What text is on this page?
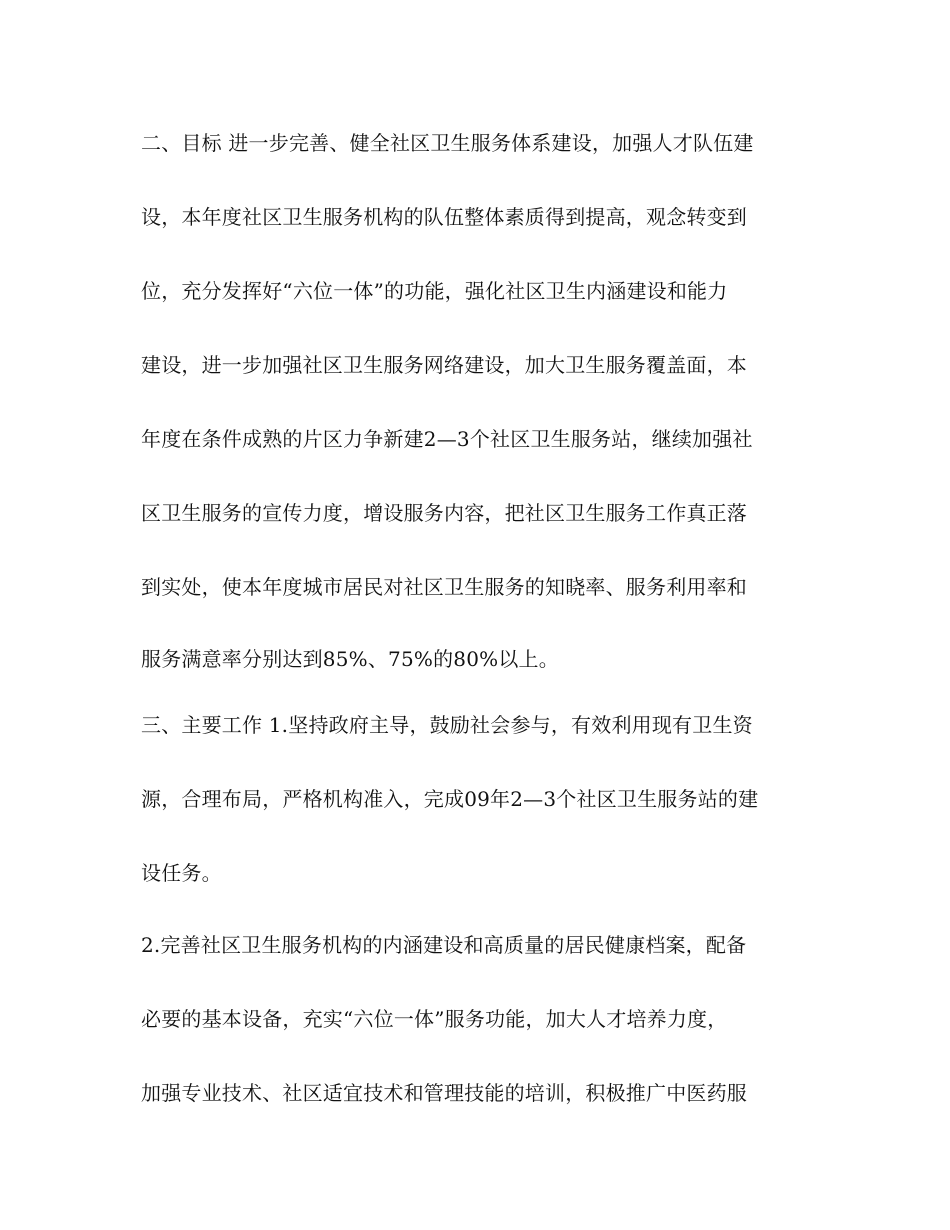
二、目标 进一步完善、健全社区卫生服务体系建设，加强人才队伍建
设，本年度社区卫生服务机构的队伍整体素质得到提高，观念转变到
位，充分发挥好“六位一体”的功能，强化社区卫生内涵建设和能力
建设，进一步加强社区卫生服务网络建设，加大卫生服务覆盖面，本
年度在条件成熟的片区力争新建2—3个社区卫生服务站，继续加强社
区卫生服务的宣传力度，增设服务内容，把社区卫生服务工作真正落
到实处，使本年度城市居民对社区卫生服务的知晓率、服务利用率和
服务满意率分别达到85%、75%的80%以上。
三、主要工作 1.坚持政府主导，鼓励社会参与，有效利用现有卫生资
源，合理布局，严格机构准入，完成09年2—3个社区卫生服务站的建
设任务。
2.完善社区卫生服务机构的内涵建设和高质量的居民健康档案，配备
必要的基本设备，充实“六位一体”服务功能，加大人才培养力度，
加强专业技术、社区适宜技术和管理技能的培训，积极推广中医药服
